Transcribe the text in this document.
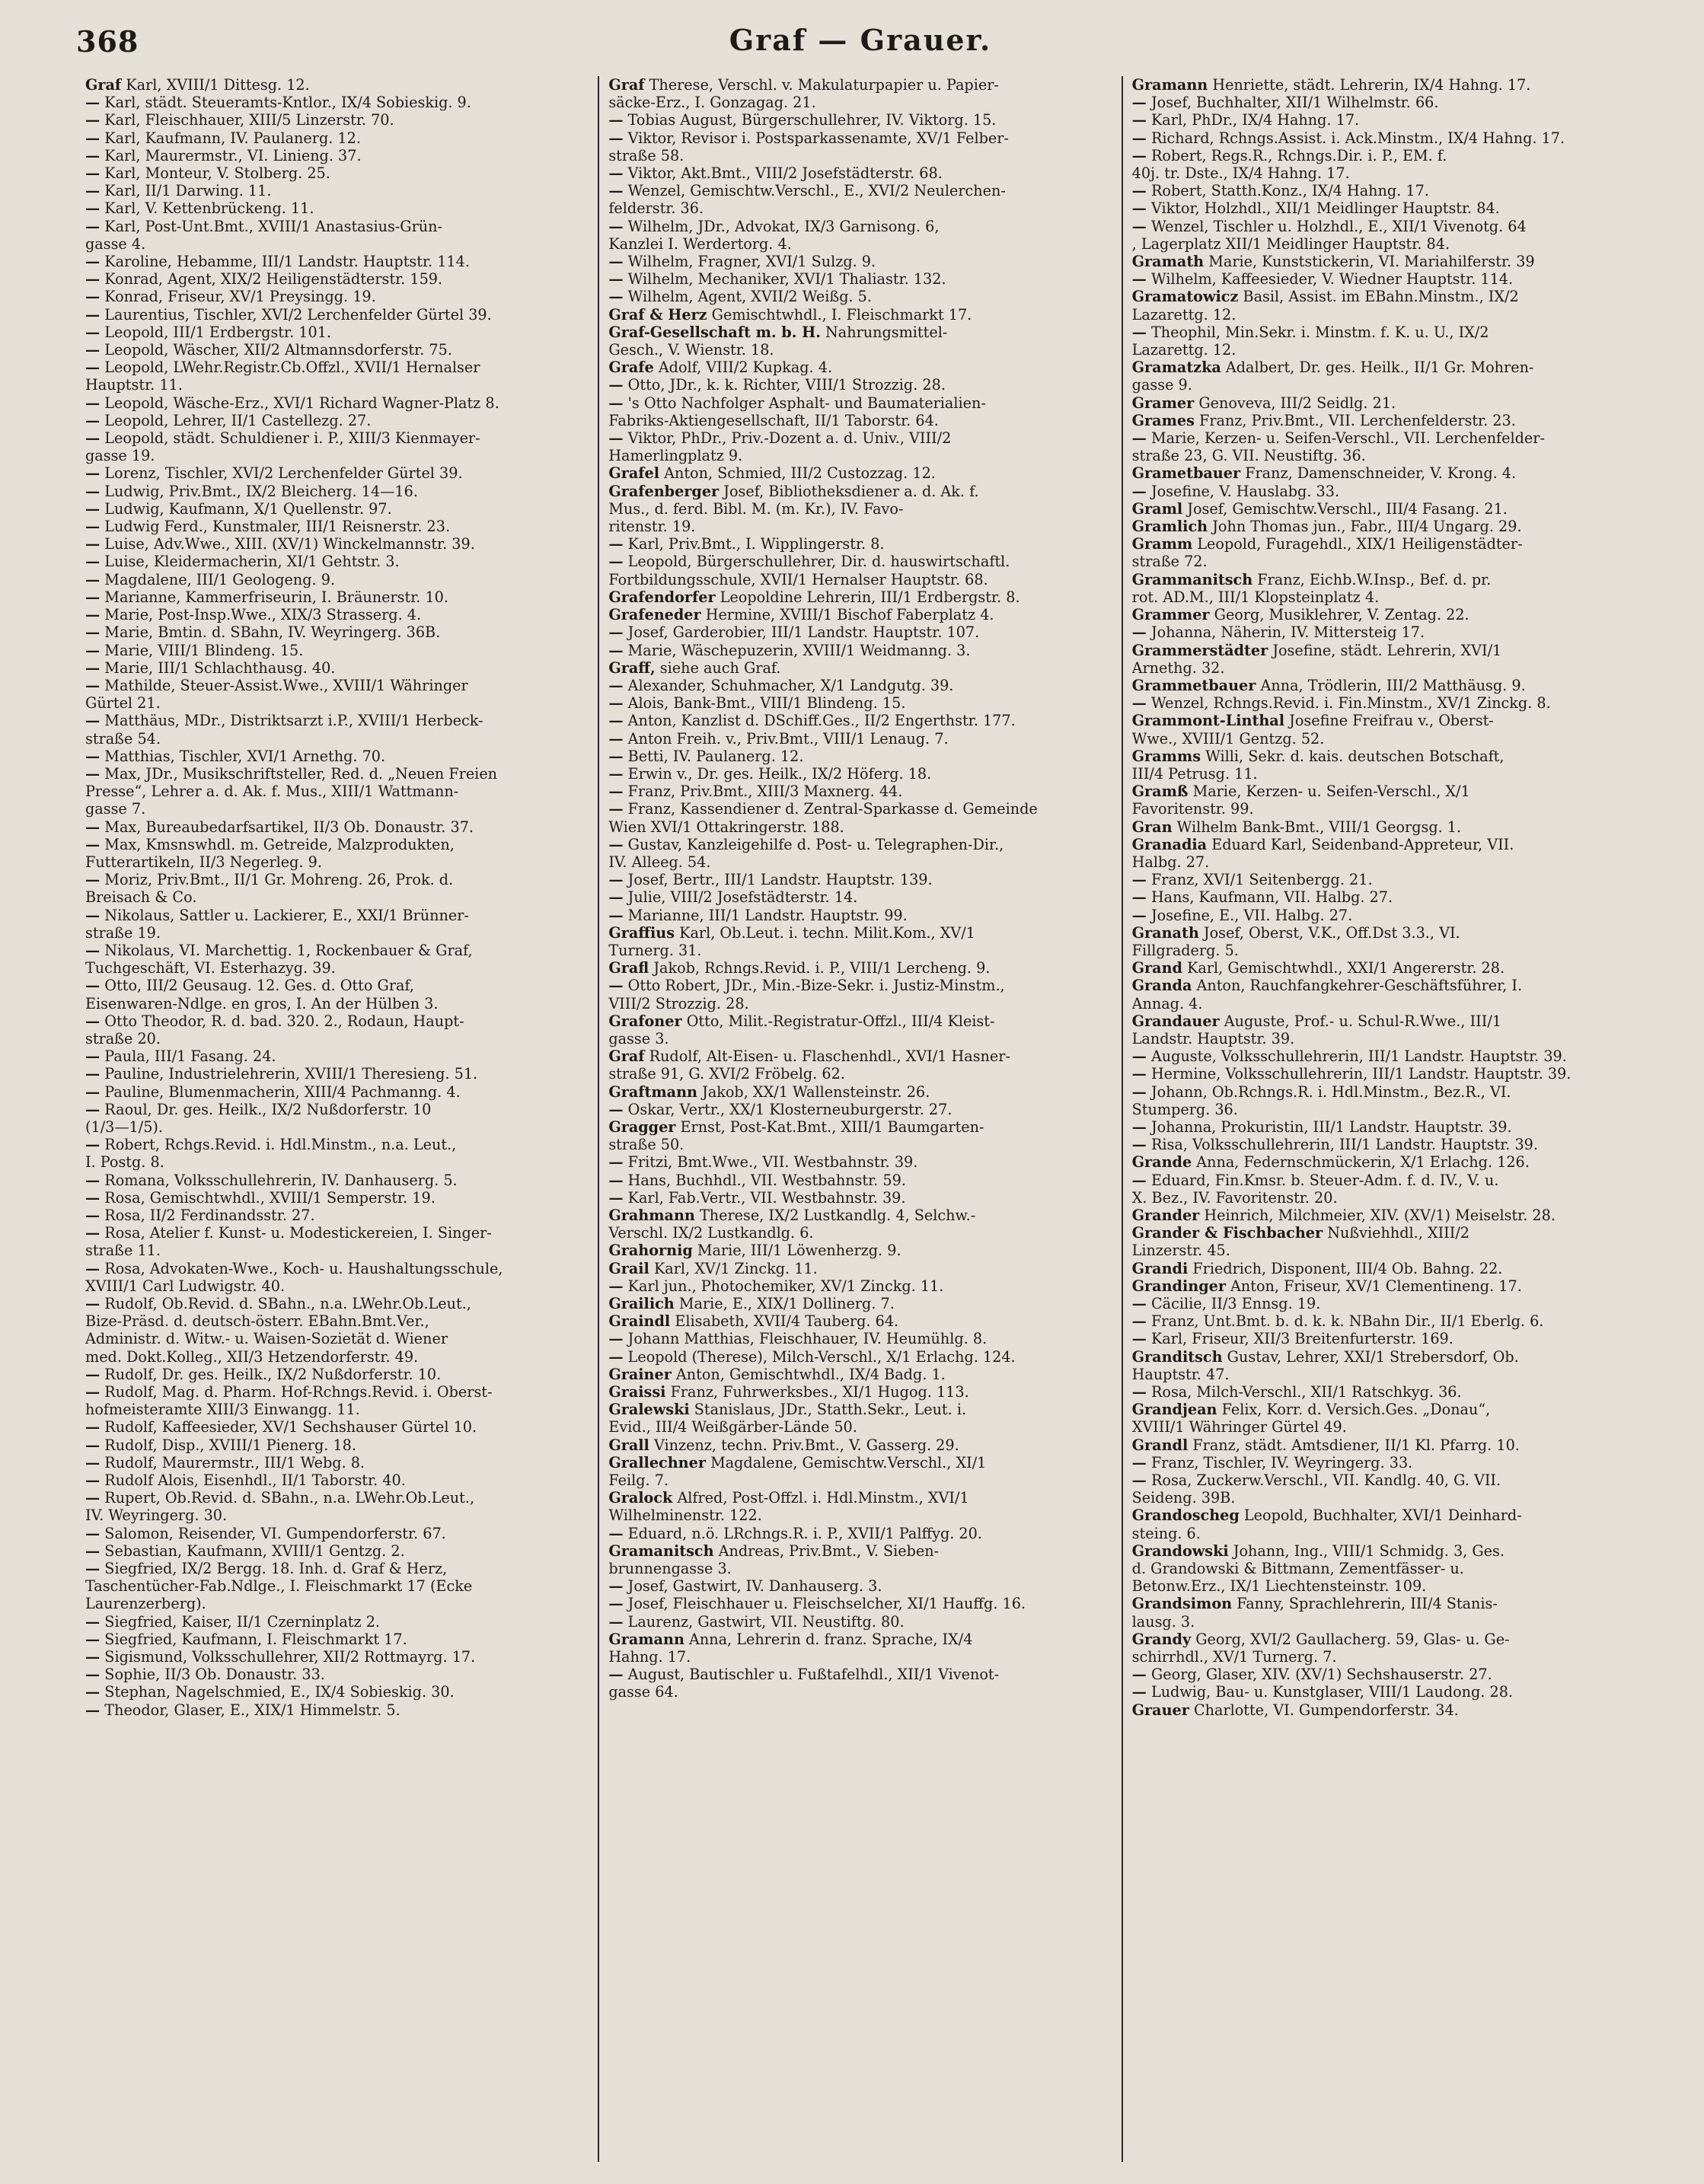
368	Graf — Grauer.
Graf Karl, XVIII/1 Dittesg. 12.
— Karl, städt. Steueramts-Kntlor., IX/4 Sobieskig. 9.
— Karl, Fleischhauer, XIII/5 Linzerstr. 70.
— Karl, Kaufmann, IV. Paulanerg. 12.
— Karl, Maurermstr., VI. Linieng. 37.
— Karl, Monteur, V. Stolberg. 25.
— Karl, II/1 Darwing. 11.
— Karl, V. Kettenbrückeng. 11.
— Karl, Post-Unt.Bmt., XVIII/1 Anastasius-Grün-
gasse 4.
— Karoline, Hebamme, III/1 Landstr. Hauptstr. 114.
— Konrad, Agent, XIX/2 Heiligenstädterstr. 159.
— Konrad, Friseur, XV/1 Preysingg. 19.
— Laurentius, Tischler, XVI/2 Lerchenfelder Gürtel 39.
— Leopold, III/1 Erdbergstr. 101.
— Leopold, Wäscher, XII/2 Altmannsdorferstr. 75.
— Leopold, LWehr.Registr.Cb.Offzl., XVII/1 Hernalser
Hauptstr. 11.
— Leopold, Wäsche-Erz., XVI/1 Richard Wagner-Platz 8.
— Leopold, Lehrer, II/1 Castellezg. 27.
— Leopold, städt. Schuldiener i. P., XIII/3 Kienmayer-
gasse 19.
— Lorenz, Tischler, XVI/2 Lerchenfelder Gürtel 39.
— Ludwig, Priv.Bmt., IX/2 Bleicherg. 14—16.
— Ludwig, Kaufmann, X/1 Quellenstr. 97.
— Ludwig Ferd., Kunstmaler, III/1 Reisnerstr. 23.
— Luise, Adv.Wwe., XIII. (XV/1) Winckelmannstr. 39.
— Luise, Kleidermacherin, XI/1 Gehtstr. 3.
— Magdalene, III/1 Geologeng. 9.
— Marianne, Kammerfriseurin, I. Bräunerstr. 10.
— Marie, Post-Insp.Wwe., XIX/3 Strasserg. 4.
— Marie, Bmtin. d. SBahn, IV. Weyringerg. 36B.
— Marie, VIII/1 Blindeng. 15.
— Marie, III/1 Schlachthausg. 40.
— Mathilde, Steuer-Assist.Wwe., XVIII/1 Währinger
Gürtel 21.
— Matthäus, MDr., Distriktsarzt i.P., XVIII/1 Herbeck-
straße 54.
— Matthias, Tischler, XVI/1 Arnethg. 70.
— Max, JDr., Musikschriftsteller, Red. d. „Neuen Freien
Presse“, Lehrer a. d. Ak. f. Mus., XIII/1 Wattmann-
gasse 7.
— Max, Bureaubedarfsartikel, II/3 Ob. Donaustr. 37.
— Max, Kmsnswhdl. m. Getreide, Malzprodukten,
Futterartikeln, II/3 Negerleg. 9.
— Moriz, Priv.Bmt., II/1 Gr. Mohreng. 26, Prok. d.
Breisach & Co.
— Nikolaus, Sattler u. Lackierer, E., XXI/1 Brünner-
straße 19.
— Nikolaus, VI. Marchettig. 1, Rockenbauer & Graf,
Tuchgeschäft, VI. Esterhazyg. 39.
— Otto, III/2 Geusaug. 12. Ges. d. Otto Graf,
Eisenwaren-Ndlge. en gros, I. An der Hülben 3.
— Otto Theodor, R. d. bad. 320. 2., Rodaun, Haupt-
straße 20.
— Paula, III/1 Fasang. 24.
— Pauline, Industrielehrerin, XVIII/1 Theresieng. 51.
— Pauline, Blumenmacherin, XIII/4 Pachmanng. 4.
— Raoul, Dr. ges. Heilk., IX/2 Nußdorferstr. 10
(1/3—1/5).
— Robert, Rchgs.Revid. i. Hdl.Minstm., n.a. Leut.,
I. Postg. 8.
— Romana, Volksschullehrerin, IV. Danhauserg. 5.
— Rosa, Gemischtwhdl., XVIII/1 Semperstr. 19.
— Rosa, II/2 Ferdinandsstr. 27.
— Rosa, Atelier f. Kunst- u. Modestickereien, I. Singer-
straße 11.
— Rosa, Advokaten-Wwe., Koch- u. Haushaltungsschule,
XVIII/1 Carl Ludwigstr. 40.
— Rudolf, Ob.Revid. d. SBahn., n.a. LWehr.Ob.Leut.,
Bize-Präsd. d. deutsch-österr. EBahn.Bmt.Ver.,
Administr. d. Witw.- u. Waisen-Sozietät d. Wiener
med. Dokt.Kolleg., XII/3 Hetzendorferstr. 49.
— Rudolf, Dr. ges. Heilk., IX/2 Nußdorferstr. 10.
— Rudolf, Mag. d. Pharm. Hof-Rchngs.Revid. i. Oberst-
hofmeisteramte XIII/3 Einwangg. 11.
— Rudolf, Kaffeesieder, XV/1 Sechshauser Gürtel 10.
— Rudolf, Disp., XVIII/1 Pienerg. 18.
— Rudolf, Maurermstr., III/1 Webg. 8.
— Rudolf Alois, Eisenhdl., II/1 Taborstr. 40.
— Rupert, Ob.Revid. d. SBahn., n.a. LWehr.Ob.Leut.,
IV. Weyringerg. 30.
— Salomon, Reisender, VI. Gumpendorferstr. 67.
— Sebastian, Kaufmann, XVIII/1 Gentzg. 2.
— Siegfried, IX/2 Bergg. 18. Inh. d. Graf & Herz,
Taschentücher-Fab.Ndlge., I. Fleischmarkt 17 (Ecke
Laurenzerberg).
— Siegfried, Kaiser, II/1 Czerninplatz 2.
— Siegfried, Kaufmann, I. Fleischmarkt 17.
— Sigismund, Volksschullehrer, XII/2 Rottmayrg. 17.
— Sophie, II/3 Ob. Donaustr. 33.
— Stephan, Nagelschmied, E., IX/4 Sobieskig. 30.
— Theodor, Glaser, E., XIX/1 Himmelstr. 5.
Graf Therese, Verschl. v. Makulaturpapier u. Papier-
säcke-Erz., I. Gonzagag. 21.
— Tobias August, Bürgerschullehrer, IV. Viktorg. 15.
— Viktor, Revisor i. Postsparkassenamte, XV/1 Felber-
straße 58.
— Viktor, Akt.Bmt., VIII/2 Josefstädterstr. 68.
— Wenzel, Gemischtw.Verschl., E., XVI/2 Neulerchen-
felderstr. 36.
— Wilhelm, JDr., Advokat, IX/3 Garnisong. 6,
Kanzlei I. Werdertorg. 4.
— Wilhelm, Fragner, XVI/1 Sulzg. 9.
— Wilhelm, Mechaniker, XVI/1 Thaliastr. 132.
— Wilhelm, Agent, XVII/2 Weißg. 5.
Graf & Herz Gemischtwhdl., I. Fleischmarkt 17.
Graf-Gesellschaft m. b. H. Nahrungsmittel-
Gesch., V. Wienstr. 18.
Grafe Adolf, VIII/2 Kupkag. 4.
— Otto, JDr., k. k. Richter, VIII/1 Strozzig. 28.
— 's Otto Nachfolger Asphalt- und Baumaterialien-
Fabriks-Aktiengesellschaft, II/1 Taborstr. 64.
— Viktor, PhDr., Priv.-Dozent a. d. Univ., VIII/2
Hamerlingplatz 9.
Grafel Anton, Schmied, III/2 Custozzag. 12.
Grafenberger Josef, Bibliotheksdiener a. d. Ak. f.
Mus., d. ferd. Bibl. M. (m. Kr.), IV. Favo-
ritenstr. 19.
— Karl, Priv.Bmt., I. Wipplingerstr. 8.
— Leopold, Bürgerschullehrer, Dir. d. hauswirtschaftl.
Fortbildungsschule, XVII/1 Hernalser Hauptstr. 68.
Grafendorfer Leopoldine Lehrerin, III/1 Erdbergstr. 8.
Grafeneder Hermine, XVIII/1 Bischof Faberplatz 4.
— Josef, Garderobier, III/1 Landstr. Hauptstr. 107.
— Marie, Wäschepuzerin, XVIII/1 Weidmanng. 3.
Graff, siehe auch Graf.
— Alexander, Schuhmacher, X/1 Landgutg. 39.
— Alois, Bank-Bmt., VIII/1 Blindeng. 15.
— Anton, Kanzlist d. DSchiff.Ges., II/2 Engerthstr. 177.
— Anton Freih. v., Priv.Bmt., VIII/1 Lenaug. 7.
— Betti, IV. Paulanerg. 12.
— Erwin v., Dr. ges. Heilk., IX/2 Höferg. 18.
— Franz, Priv.Bmt., XIII/3 Maxnerg. 44.
— Franz, Kassendiener d. Zentral-Sparkasse d. Gemeinde
Wien XVI/1 Ottakringerstr. 188.
— Gustav, Kanzleigehilfe d. Post- u. Telegraphen-Dir.,
IV. Alleeg. 54.
— Josef, Bertr., III/1 Landstr. Hauptstr. 139.
— Julie, VIII/2 Josefstädterstr. 14.
— Marianne, III/1 Landstr. Hauptstr. 99.
Graffius Karl, Ob.Leut. i. techn. Milit.Kom., XV/1
Turnerg. 31.
Grafl Jakob, Rchngs.Revid. i. P., VIII/1 Lercheng. 9.
— Otto Robert, JDr., Min.-Bize-Sekr. i. Justiz-Minstm.,
VIII/2 Strozzig. 28.
Grafoner Otto, Milit.-Registratur-Offzl., III/4 Kleist-
gasse 3.
Graf Rudolf, Alt-Eisen- u. Flaschenhdl., XVI/1 Hasner-
straße 91, G. XVI/2 Fröbelg. 62.
Graftmann Jakob, XX/1 Wallensteinstr. 26.
— Oskar, Vertr., XX/1 Klosterneuburgerstr. 27.
Gragger Ernst, Post-Kat.Bmt., XIII/1 Baumgarten-
straße 50.
— Fritzi, Bmt.Wwe., VII. Westbahnstr. 39.
— Hans, Buchhdl., VII. Westbahnstr. 59.
— Karl, Fab.Vertr., VII. Westbahnstr. 39.
Grahmann Therese, IX/2 Lustkandlg. 4, Selchw.-
Verschl. IX/2 Lustkandlg. 6.
Grahornig Marie, III/1 Löwenherzg. 9.
Grail Karl, XV/1 Zinckg. 11.
— Karl jun., Photochemiker, XV/1 Zinckg. 11.
Grailich Marie, E., XIX/1 Dollinerg. 7.
Graindl Elisabeth, XVII/4 Tauberg. 64.
— Johann Matthias, Fleischhauer, IV. Heumühlg. 8.
— Leopold (Therese), Milch-Verschl., X/1 Erlachg. 124.
Grainer Anton, Gemischtwhdl., IX/4 Badg. 1.
Graissi Franz, Fuhrwerksbes., XI/1 Hugog. 113.
Gralewski Stanislaus, JDr., Statth.Sekr., Leut. i.
Evid., III/4 Weißgärber-Lände 50.
Grall Vinzenz, techn. Priv.Bmt., V. Gasserg. 29.
Grallechner Magdalene, Gemischtw.Verschl., XI/1
Feilg. 7.
Gralock Alfred, Post-Offzl. i. Hdl.Minstm., XVI/1
Wilhelminenstr. 122.
— Eduard, n.ö. LRchngs.R. i. P., XVII/1 Palffyg. 20.
Gramanitsch Andreas, Priv.Bmt., V. Sieben-
brunnengasse 3.
— Josef, Gastwirt, IV. Danhauserg. 3.
— Josef, Fleischhauer u. Fleischselcher, XI/1 Hauffg. 16.
— Laurenz, Gastwirt, VII. Neustiftg. 80.
Gramann Anna, Lehrerin d. franz. Sprache, IX/4
Hahng. 17.
— August, Bautischler u. Fußtafelhdl., XII/1 Vivenot-
gasse 64.
Gramann Henriette, städt. Lehrerin, IX/4 Hahng. 17.
— Josef, Buchhalter, XII/1 Wilhelmstr. 66.
— Karl, PhDr., IX/4 Hahng. 17.
— Richard, Rchngs.Assist. i. Ack.Minstm., IX/4 Hahng. 17.
— Robert, Regs.R., Rchngs.Dir. i. P., EM. f.
40j. tr. Dste., IX/4 Hahng. 17.
— Robert, Statth.Konz., IX/4 Hahng. 17.
— Viktor, Holzhdl., XII/1 Meidlinger Hauptstr. 84.
— Wenzel, Tischler u. Holzhdl., E., XII/1 Vivenotg. 64
, Lagerplatz XII/1 Meidlinger Hauptstr. 84.
Gramath Marie, Kunststickerin, VI. Mariahilferstr. 39
— Wilhelm, Kaffeesieder, V. Wiedner Hauptstr. 114.
Gramatowicz Basil, Assist. im EBahn.Minstm., IX/2
Lazarettg. 12.
— Theophil, Min.Sekr. i. Minstm. f. K. u. U., IX/2
Lazarettg. 12.
Gramatzka Adalbert, Dr. ges. Heilk., II/1 Gr. Mohren-
gasse 9.
Gramer Genoveva, III/2 Seidlg. 21.
Grames Franz, Priv.Bmt., VII. Lerchenfelderstr. 23.
— Marie, Kerzen- u. Seifen-Verschl., VII. Lerchenfelder-
straße 23, G. VII. Neustiftg. 36.
Grametbauer Franz, Damenschneider, V. Krong. 4.
— Josefine, V. Hauslabg. 33.
Graml Josef, Gemischtw.Verschl., III/4 Fasang. 21.
Gramlich John Thomas jun., Fabr., III/4 Ungarg. 29.
Gramm Leopold, Furagehdl., XIX/1 Heiligenstädter-
straße 72.
Grammanitsch Franz, Eichb.W.Insp., Bef. d. pr.
rot. AD.M., III/1 Klopsteinplatz 4.
Grammer Georg, Musiklehrer, V. Zentag. 22.
— Johanna, Näherin, IV. Mittersteig 17.
Grammerstädter Josefine, städt. Lehrerin, XVI/1
Arnethg. 32.
Grammetbauer Anna, Trödlerin, III/2 Matthäusg. 9.
— Wenzel, Rchngs.Revid. i. Fin.Minstm., XV/1 Zinckg. 8.
Grammont-Linthal Josefine Freifrau v., Oberst-
Wwe., XVIII/1 Gentzg. 52.
Gramms Willi, Sekr. d. kais. deutschen Botschaft,
III/4 Petrusg. 11.
Gramß Marie, Kerzen- u. Seifen-Verschl., X/1
Favoritenstr. 99.
Gran Wilhelm Bank-Bmt., VIII/1 Georgsg. 1.
Granadia Eduard Karl, Seidenband-Appreteur, VII.
Halbg. 27.
— Franz, XVI/1 Seitenbergg. 21.
— Hans, Kaufmann, VII. Halbg. 27.
— Josefine, E., VII. Halbg. 27.
Granath Josef, Oberst, V.K., Off.Dst 3.3., VI.
Fillgraderg. 5.
Grand Karl, Gemischtwhdl., XXI/1 Angererstr. 28.
Granda Anton, Rauchfangkehrer-Geschäftsführer, I.
Annag. 4.
Grandauer Auguste, Prof.- u. Schul-R.Wwe., III/1
Landstr. Hauptstr. 39.
— Auguste, Volksschullehrerin, III/1 Landstr. Hauptstr. 39.
— Hermine, Volksschullehrerin, III/1 Landstr. Hauptstr. 39.
— Johann, Ob.Rchngs.R. i. Hdl.Minstm., Bez.R., VI.
Stumperg. 36.
— Johanna, Prokuristin, III/1 Landstr. Hauptstr. 39.
— Risa, Volksschullehrerin, III/1 Landstr. Hauptstr. 39.
Grande Anna, Federnschmückerin, X/1 Erlachg. 126.
— Eduard, Fin.Kmsr. b. Steuer-Adm. f. d. IV., V. u.
X. Bez., IV. Favoritenstr. 20.
Grander Heinrich, Milchmeier, XIV. (XV/1) Meiselstr. 28.
Grander & Fischbacher Nußviehhdl., XIII/2
Linzerstr. 45.
Grandi Friedrich, Disponent, III/4 Ob. Bahng. 22.
Grandinger Anton, Friseur, XV/1 Clementineng. 17.
— Cäcilie, II/3 Ennsg. 19.
— Franz, Unt.Bmt. b. d. k. k. NBahn Dir., II/1 Eberlg. 6.
— Karl, Friseur, XII/3 Breitenfurterstr. 169.
Granditsch Gustav, Lehrer, XXI/1 Strebersdorf, Ob.
Hauptstr. 47.
— Rosa, Milch-Verschl., XII/1 Ratschkyg. 36.
Grandjean Felix, Korr. d. Versich.Ges. „Donau“,
XVIII/1 Währinger Gürtel 49.
Grandl Franz, städt. Amtsdiener, II/1 Kl. Pfarrg. 10.
— Franz, Tischler, IV. Weyringerg. 33.
— Rosa, Zuckerw.Verschl., VII. Kandlg. 40, G. VII.
Seideng. 39B.
Grandoscheg Leopold, Buchhalter, XVI/1 Deinhard-
steing. 6.
Grandowski Johann, Ing., VIII/1 Schmidg. 3, Ges.
d. Grandowski & Bittmann, Zementfässer- u.
Betonw.Erz., IX/1 Liechtensteinstr. 109.
Grandsimon Fanny, Sprachlehrerin, III/4 Stanis-
lausg. 3.
Grandy Georg, XVI/2 Gaullacherg. 59, Glas- u. Ge-
schirrhdl., XV/1 Turnerg. 7.
— Georg, Glaser, XIV. (XV/1) Sechshauserstr. 27.
— Ludwig, Bau- u. Kunstglaser, VIII/1 Laudong. 28.
Grauer Charlotte, VI. Gumpendorferstr. 34.
